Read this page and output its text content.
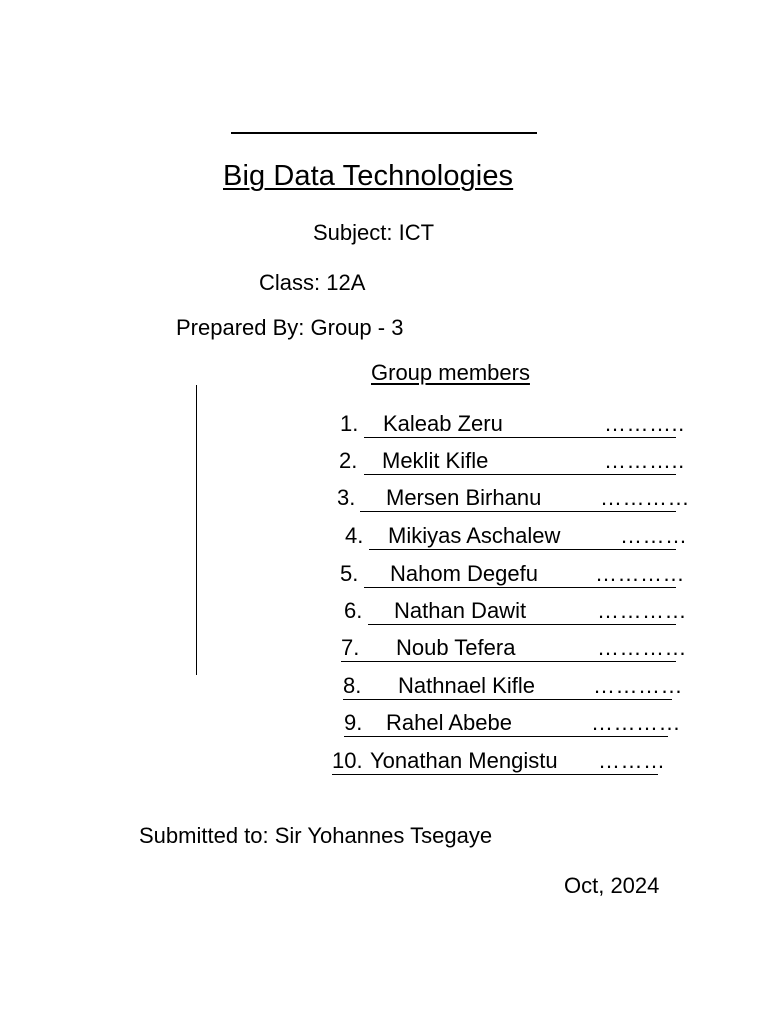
Big Data Technologies
Subject: ICT
Class: 12A
Prepared By: Group - 3
Group members
1. Kaleab Zeru	………..
2. Meklit Kifle	………..
3. Mersen Birhanu	…………
4. Mikiyas Aschalew	………
5. Nahom Degefu	…………
6. Nathan Dawit	…………
7. Noub Tefera	…………
8. Nathnael Kifle	…………
9. Rahel Abebe	…………
10. Yonathan Mengistu ………
Submitted to: Sir Yohannes Tsegaye
Oct, 2024
